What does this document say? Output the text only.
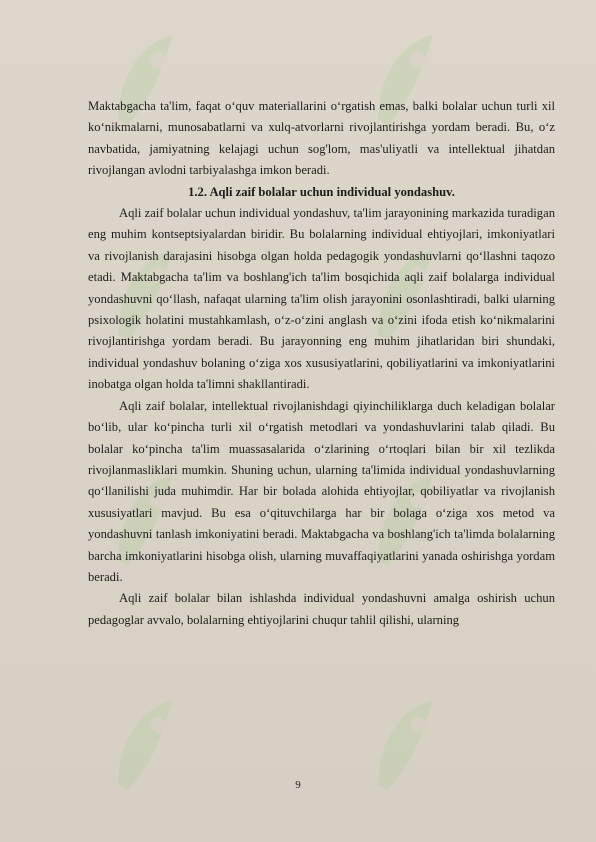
Maktabgacha ta'lim, faqat oʻquv materiallarini oʻrgatish emas, balki bolalar uchun turli xil koʻnikmalarni, munosabatlarni va xulq-atvorlarni rivojlantirishga yordam beradi. Bu, oʻz navbatida, jamiyatning kelajagi uchun sog'lom, mas'uliyatli va intellektual jihatdan rivojlangan avlodni tarbiyalashga imkon beradi.

1.2. Aqli zaif bolalar uchun individual yondashuv.

Aqli zaif bolalar uchun individual yondashuv, ta'lim jarayonining markazida turadigan eng muhim kontseptsiyalardan biridir. Bu bolalarning individual ehtiyojlari, imkoniyatlari va rivojlanish darajasini hisobga olgan holda pedagogik yondashuvlarni qoʻllashni taqozo etadi. Maktabgacha ta'lim va boshlang'ich ta'lim bosqichida aqli zaif bolalarga individual yondashuvni qoʻllash, nafaqat ularning ta'lim olish jarayonini osonlashtiradi, balki ularning psixologik holatini mustahkamlash, oʻz-oʻzini anglash va oʻzini ifoda etish koʻnikmalarini rivojlantirishga yordam beradi. Bu jarayonning eng muhim jihatlaridan biri shundaki, individual yondashuv bolaning oʻziga xos xususiyatlarini, qobiliyatlarini va imkoniyatlarini inobatga olgan holda ta'limni shakllantiradi.

Aqli zaif bolalar, intellektual rivojlanishdagi qiyinchiliklarga duch keladigan bolalar boʻlib, ular koʻpincha turli xil oʻrgatish metodlari va yondashuvlarini talab qiladi. Bu bolalar koʻpincha ta'lim muassasalarida oʻzlarining oʻrtoqlari bilan bir xil tezlikda rivojlanmasliklari mumkin. Shuning uchun, ularning ta'limida individual yondashuvlarning qoʻllanilishi juda muhimdir. Har bir bolada alohida ehtiyojlar, qobiliyatlar va rivojlanish xususiyatlari mavjud. Bu esa oʻqituvchilarga har bir bolaga oʻziga xos metod va yondashuvni tanlash imkoniyatini beradi. Maktabgacha va boshlang'ich ta'limda bolalarning barcha imkoniyatlarini hisobga olish, ularning muvaffaqiyatlarini yanada oshirishga yordam beradi.

Aqli zaif bolalar bilan ishlashda individual yondashuvni amalga oshirish uchun pedagoglar avvalo, bolalarning ehtiyojlarini chuqur tahlil qilishi, ularning

9
